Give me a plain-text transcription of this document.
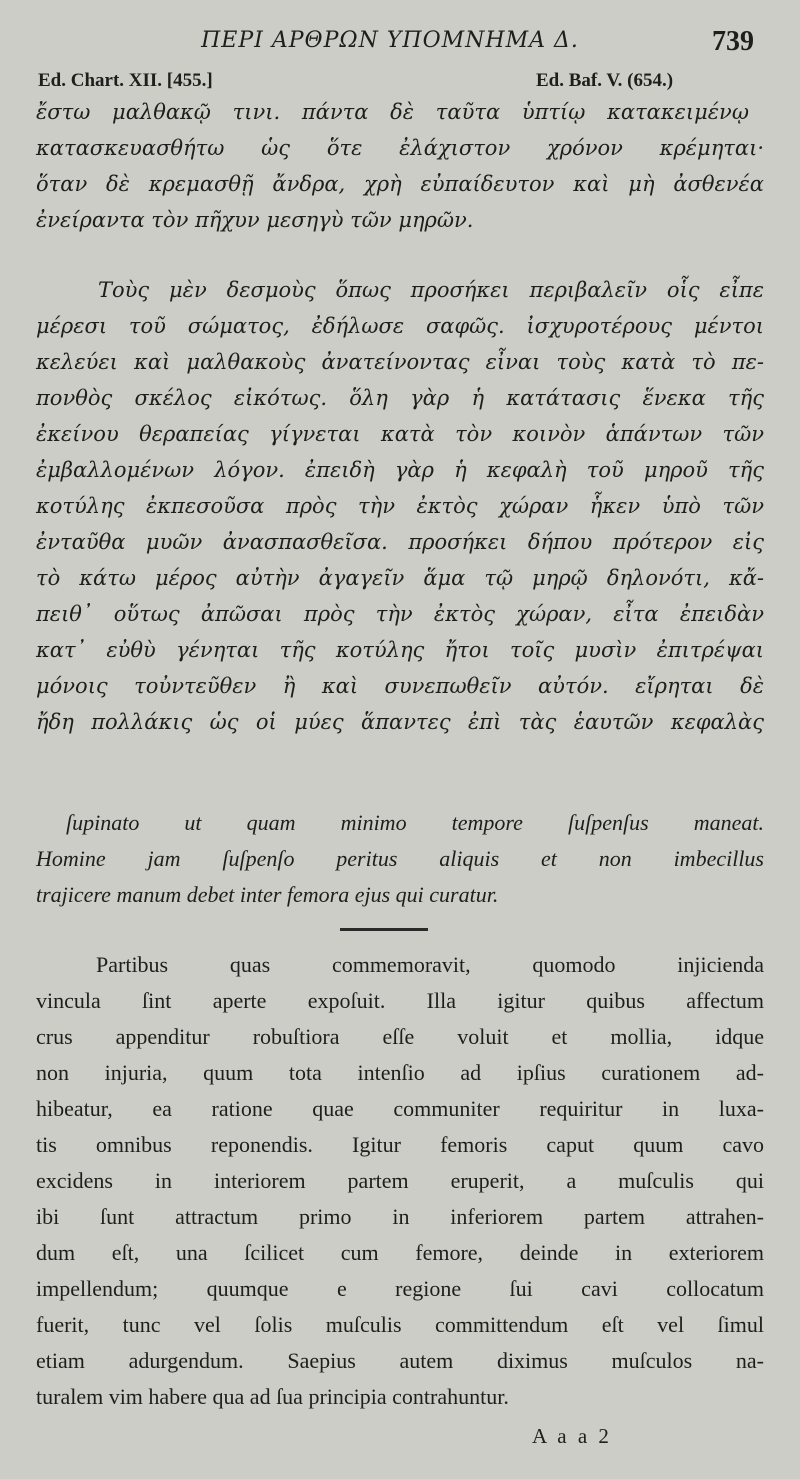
ΠΕΡΙ ΑΡΘΡΩΝ ΥΠΟΜΝΗΜΑ Δ.	739
Ed. Chart. XII. [455.]	Ed. Baf. V. (654.)
ἔστω μαλθακῷ τινι. πάντα δὲ ταῦτα ὑπτίῳ κατακειμένῳ
κατασκευασθήτω ὡς ὅτε ἐλάχιστον χρόνον κρέμηται·
ὅταν δὲ κρεμασθῇ ἄνδρα, χρὴ εὐπαίδευτον καὶ μὴ ἀσθενέα
ἐνείραντα τὸν πῆχυν μεσηγὺ τῶν μηρῶν.
Τοὺς μὲν δεσμοὺς ὅπως προσήκει περιβαλεῖν οἷς εἶπε
μέρεσι τοῦ σώματος, ἐδήλωσε σαφῶς. ἰσχυροτέρους μέντοι
κελεύει καὶ μαλθακοὺς ἀνατείνοντας εἶναι τοὺς κατὰ τὸ πε-
πονθὸς σκέλος εἰκότως. ὅλη γὰρ ἡ κατάτασις ἕνεκα τῆς
ἐκείνου θεραπείας γίγνεται κατὰ τὸν κοινὸν ἁπάντων τῶν
ἐμβαλλομένων λόγον. ἐπειδὴ γὰρ ἡ κεφαλὴ τοῦ μηροῦ τῆς
κοτύλης ἐκπεσοῦσα πρὸς τὴν ἐκτὸς χώραν ἧκεν ὑπὸ τῶν
ἐνταῦθα μυῶν ἀνασπασθεῖσα. προσήκει δήπου πρότερον εἰς
τὸ κάτω μέρος αὐτὴν ἀγαγεῖν ἅμα τῷ μηρῷ δηλονότι, κἄ-
πειθ᾽ οὕτως ἀπῶσαι πρὸς τὴν ἐκτὸς χώραν, εἶτα ἐπειδὰν
κατ᾽ εὐθὺ γένηται τῆς κοτύλης ἤτοι τοῖς μυσὶν ἐπιτρέψαι
μόνοις τοὐντεῦθεν ἢ καὶ συνεπωθεῖν αὐτόν. εἴρηται δὲ
ἤδη πολλάκις ὡς οἱ μύες ἅπαντες ἐπὶ τὰς ἑαυτῶν κεφαλὰς
ſupinato ut quam minimo tempore ſuſpenſus maneat.
Homine jam ſuſpenſo peritus aliquis et non imbecillus
trajicere manum debet inter femora ejus qui curatur.
Partibus quas commemoravit, quomodo injicienda
vincula ſint aperte expoſuit. Illa igitur quibus affectum
crus appenditur robuſtiora eſſe voluit et mollia, idque
non injuria, quum tota intenſio ad ipſius curationem ad-
hibeatur, ea ratione quae communiter requiritur in luxa-
tis omnibus reponendis. Igitur femoris caput quum cavo
excidens in interiorem partem eruperit, a muſculis qui
ibi ſunt attractum primo in inferiorem partem attrahen-
dum eſt, una ſcilicet cum femore, deinde in exteriorem
impellendum; quumque e regione ſui cavi collocatum
fuerit, tunc vel ſolis muſculis committendum eſt vel ſimul
etiam adurgendum. Saepius autem diximus muſculos na-
turalem vim habere qua ad ſua principia contrahuntur.
A a a 2
